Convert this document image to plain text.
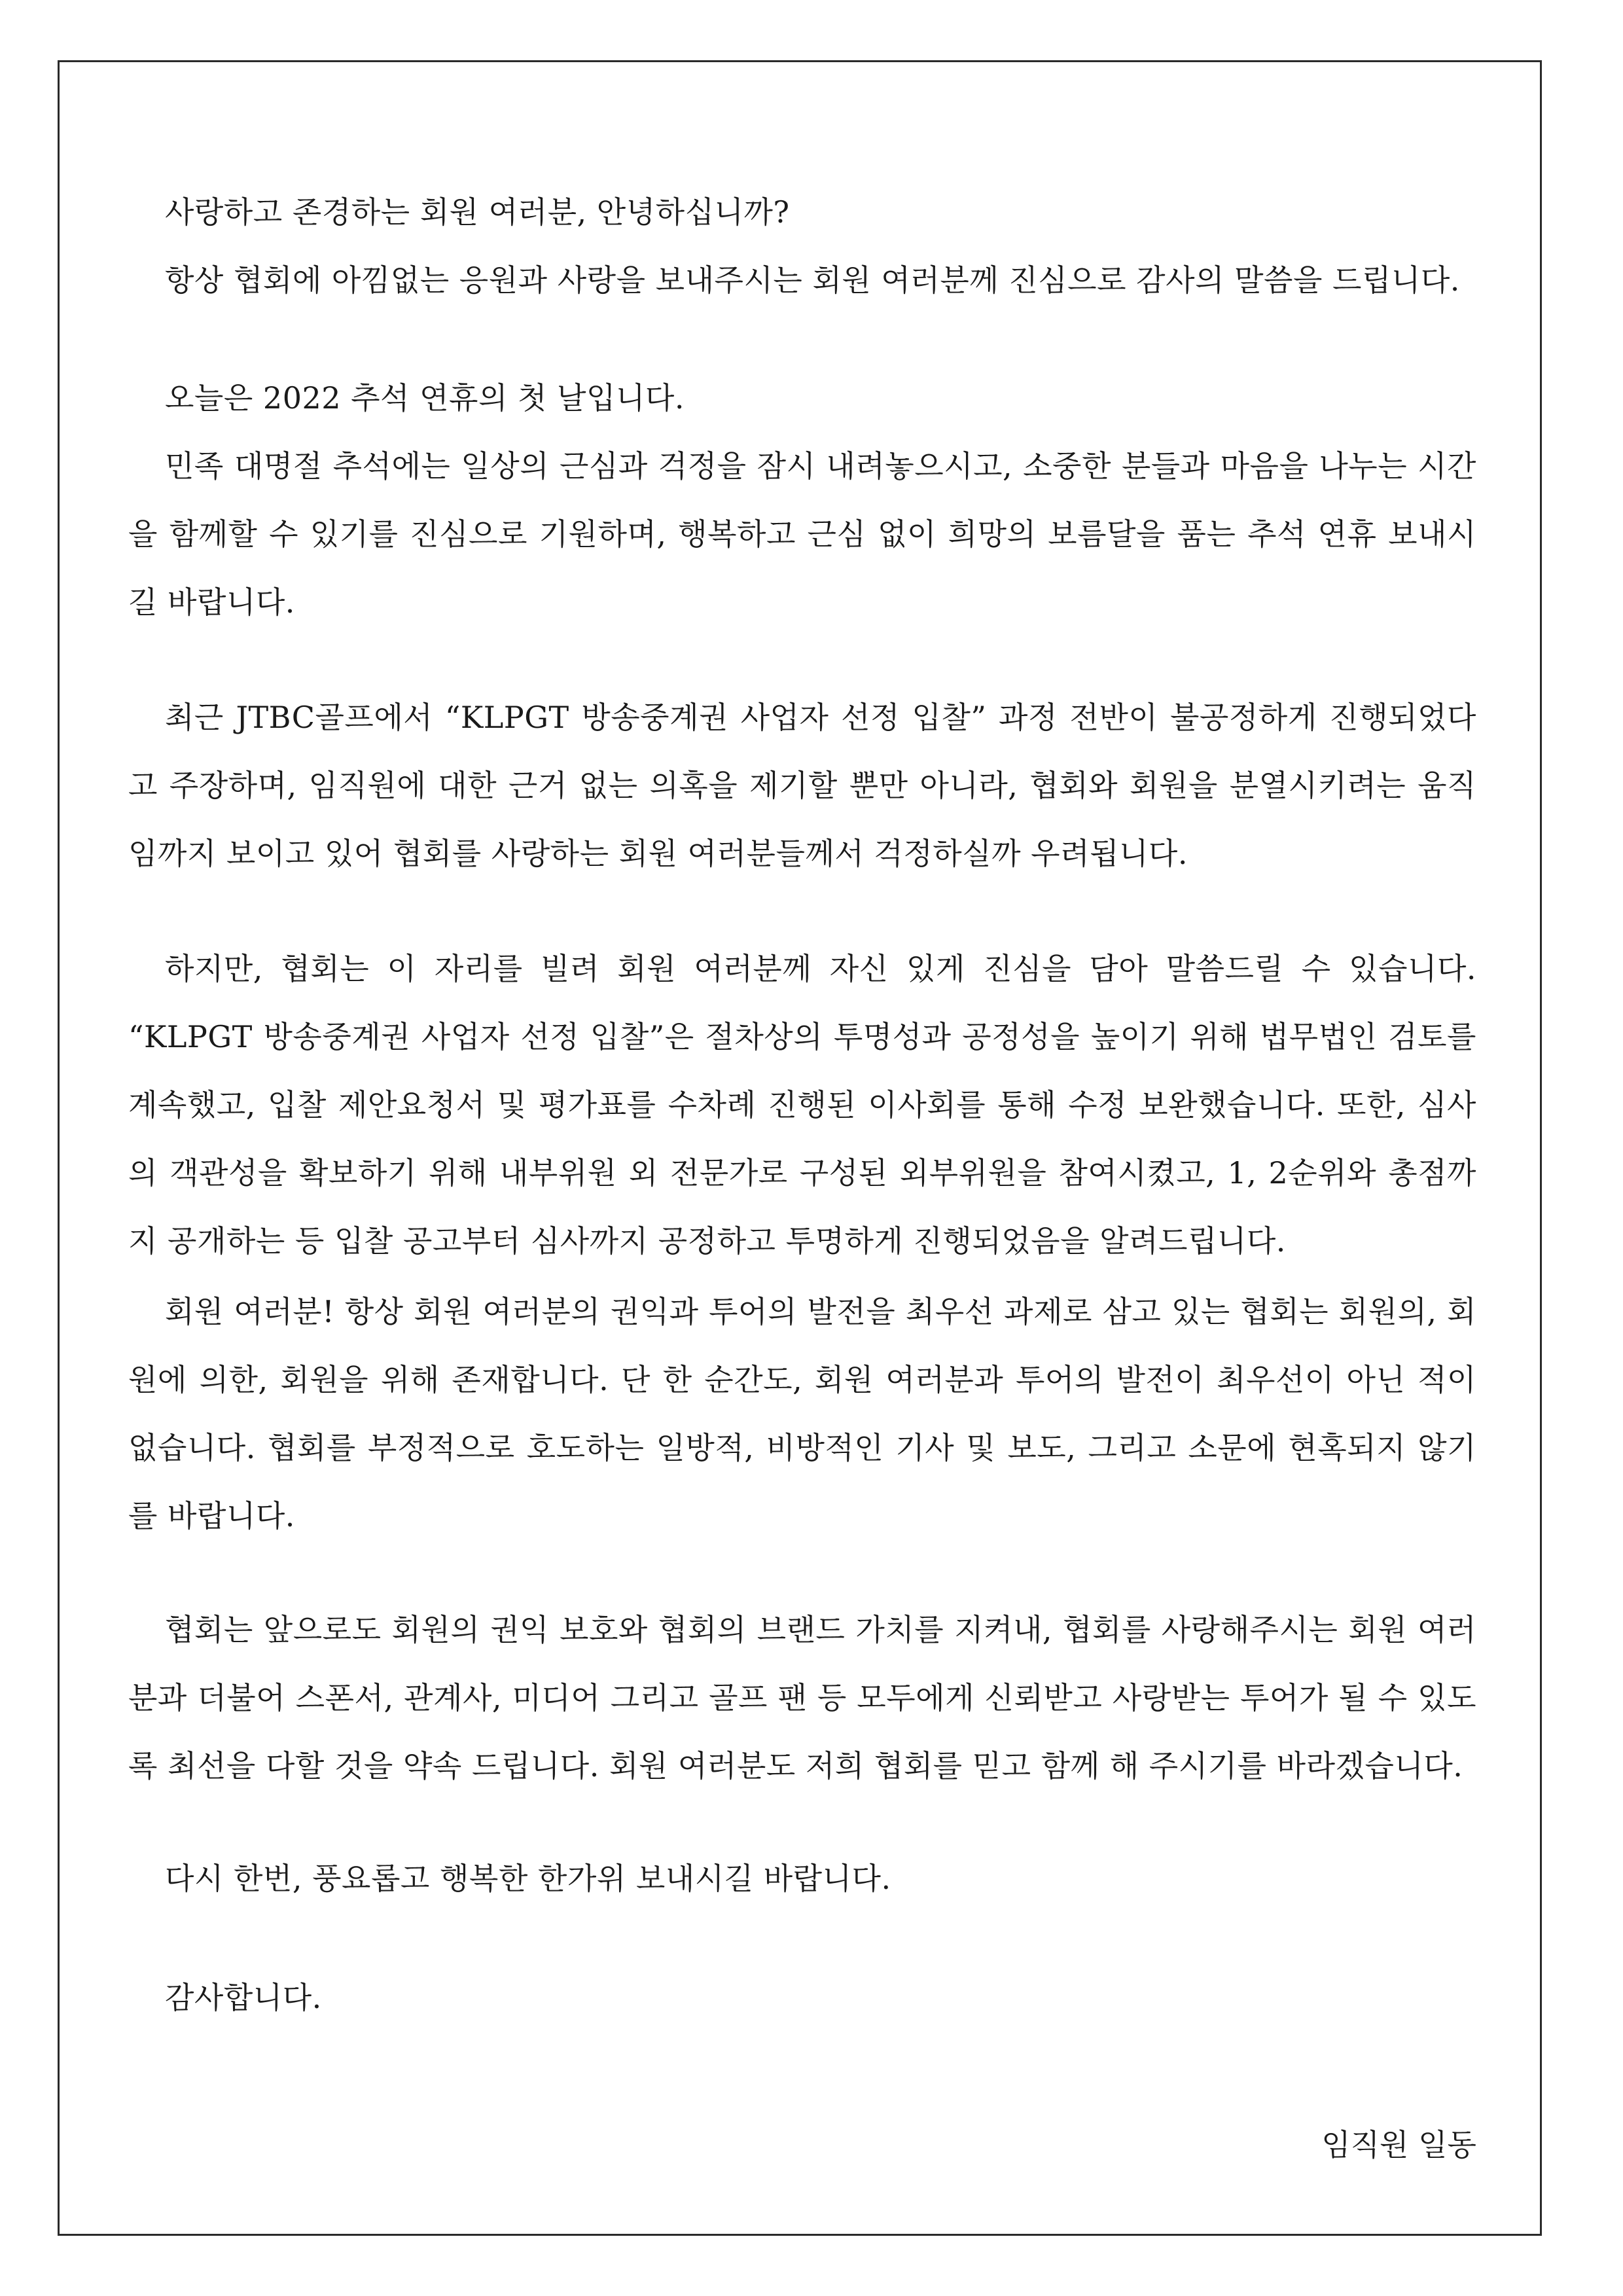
사랑하고 존경하는 회원 여러분, 안녕하십니까?

항상 협회에 아낌없는 응원과 사랑을 보내주시는 회원 여러분께 진심으로 감사의 말씀을 드립니다.

오늘은 2022 추석 연휴의 첫 날입니다.

민족 대명절 추석에는 일상의 근심과 걱정을 잠시 내려놓으시고, 소중한 분들과 마음을 나누는 시간을 함께할 수 있기를 진심으로 기원하며, 행복하고 근심 없이 희망의 보름달을 품는 추석 연휴 보내시길 바랍니다.

최근 JTBC골프에서 “KLPGT 방송중계권 사업자 선정 입찰” 과정 전반이 불공정하게 진행되었다고 주장하며, 임직원에 대한 근거 없는 의혹을 제기할 뿐만 아니라, 협회와 회원을 분열시키려는 움직임까지 보이고 있어 협회를 사랑하는 회원 여러분들께서 걱정하실까 우려됩니다.

하지만, 협회는 이 자리를 빌려 회원 여러분께 자신 있게 진심을 담아 말씀드릴 수 있습니다. “KLPGT 방송중계권 사업자 선정 입찰”은 절차상의 투명성과 공정성을 높이기 위해 법무법인 검토를 계속했고, 입찰 제안요청서 및 평가표를 수차례 진행된 이사회를 통해 수정 보완했습니다. 또한, 심사의 객관성을 확보하기 위해 내부위원 외 전문가로 구성된 외부위원을 참여시켰고, 1, 2순위와 총점까지 공개하는 등 입찰 공고부터 심사까지 공정하고 투명하게 진행되었음을 알려드립니다.

회원 여러분! 항상 회원 여러분의 권익과 투어의 발전을 최우선 과제로 삼고 있는 협회는 회원의, 회원에 의한, 회원을 위해 존재합니다. 단 한 순간도, 회원 여러분과 투어의 발전이 최우선이 아닌 적이 없습니다. 협회를 부정적으로 호도하는 일방적, 비방적인 기사 및 보도, 그리고 소문에 현혹되지 않기를 바랍니다.

협회는 앞으로도 회원의 권익 보호와 협회의 브랜드 가치를 지켜내, 협회를 사랑해주시는 회원 여러분과 더불어 스폰서, 관계사, 미디어 그리고 골프 팬 등 모두에게 신뢰받고 사랑받는 투어가 될 수 있도록 최선을 다할 것을 약속 드립니다. 회원 여러분도 저희 협회를 믿고 함께 해 주시기를 바라겠습니다.

다시 한번, 풍요롭고 행복한 한가위 보내시길 바랍니다.

감사합니다.

임직원 일동
